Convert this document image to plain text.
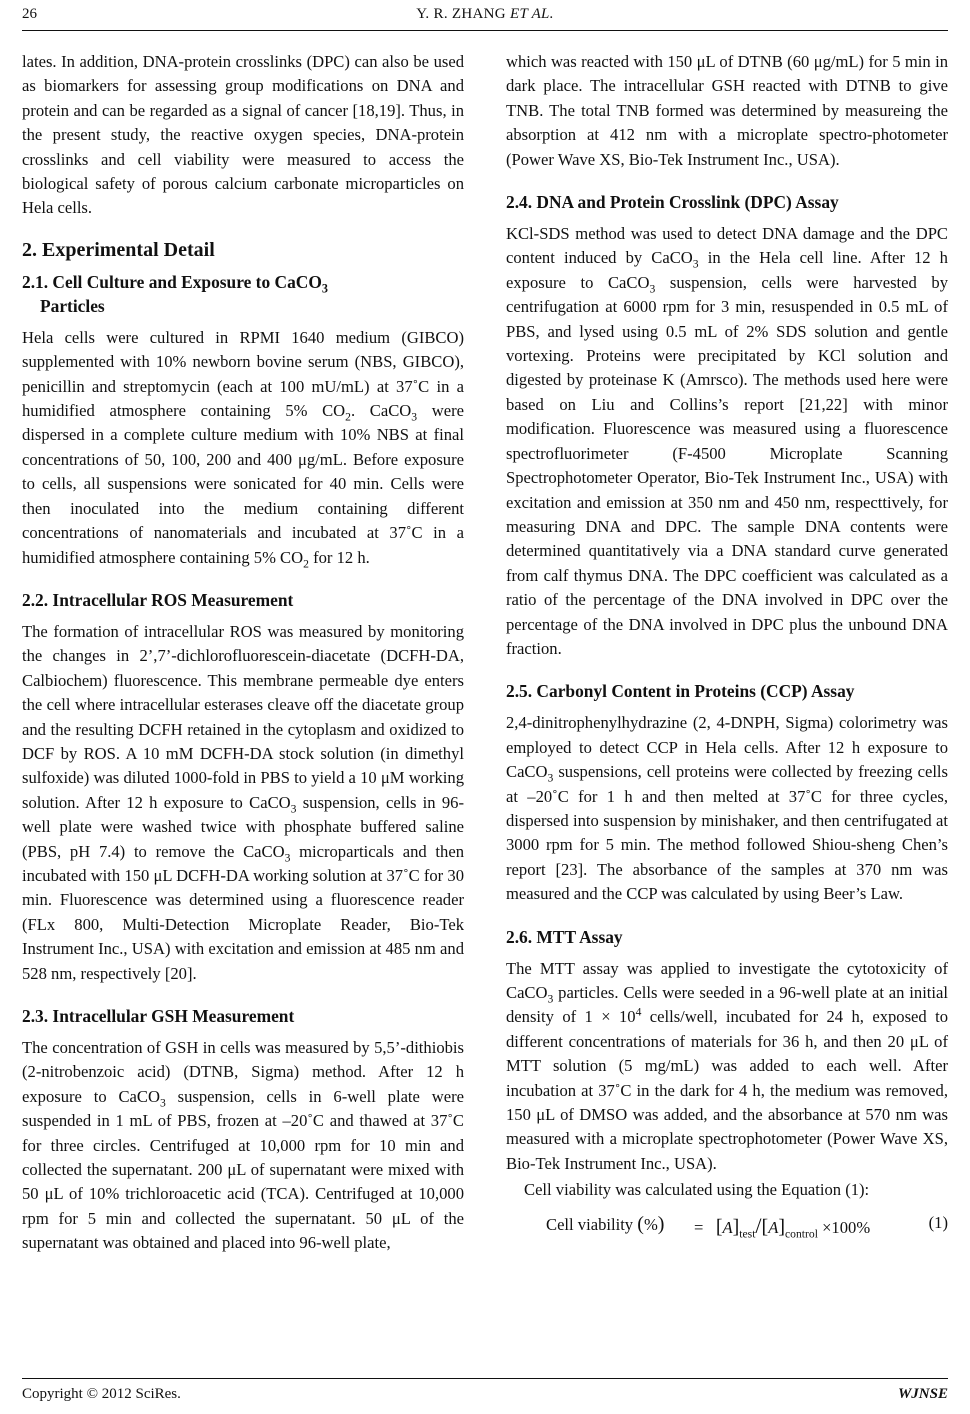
26	Y. R. ZHANG ET AL.

lates. In addition, DNA-protein crosslinks (DPC) can also be used as biomarkers for assessing group modifications on DNA and protein and can be regarded as a signal of cancer [18,19]. Thus, in the present study, the reactive oxygen species, DNA-protein crosslinks and cell viability were measured to access the biological safety of porous calcium carbonate microparticles on Hela cells.

2. Experimental Detail
2.1. Cell Culture and Exposure to CaCO$_3$
Particles

Hela cells were cultured in RPMI 1640 medium (GIBCO) supplemented with 10% newborn bovine serum (NBS, GIBCO), penicillin and streptomycin (each at 100 mU/mL) at 37˚C in a humidified atmosphere containing 5% $CO_2$. CaCO$_3$ were dispersed in a complete culture medium with 10% NBS at final concentrations of 50, 100, 200 and 400 μg/mL. Before exposure to cells, all suspensions were sonicated for 40 min. Cells were then inoculated into the medium containing different concentrations of nanomaterials and incubated at 37˚C in a humidified atmosphere containing 5% $CO_2$ for 12 h.

2.2. Intracellular ROS Measurement

The formation of intracellular ROS was measured by monitoring the changes in 2’,7’-dichlorofluorescein-diacetate (DCFH-DA, Calbiochem) fluorescence. This membrane permeable dye enters the cell where intracellular esterases cleave off the diacetate group and the resulting DCFH retained in the cytoplasm and oxidized to DCF by ROS. A 10 mM DCFH-DA stock solution (in dimethyl sulfoxide) was diluted 1000-fold in PBS to yield a 10 μM working solution. After 12 h exposure to CaCO$_3$ suspension, cells in 96-well plate were washed twice with phosphate buffered saline (PBS, pH 7.4) to remove the CaCO$_3$ microparticals and then incubated with 150 μL DCFH-DA working solution at 37˚C for 30 min. Fluorescence was determined using a fluorescence reader (FLx 800, Multi-Detection Microplate Reader, Bio-Tek Instrument Inc., USA) with excitation and emission at 485 nm and 528 nm, respectively [20].

2.3. Intracellular GSH Measurement

The concentration of GSH in cells was measured by 5,5’-dithiobis (2-nitrobenzoic acid) (DTNB, Sigma) method. After 12 h exposure to CaCO$_3$ suspension, cells in 6-well plate were suspended in 1 mL of PBS, frozen at –20˚C and thawed at 37˚C for three circles. Centrifuged at 10,000 rpm for 10 min and collected the supernatant. 200 μL of supernatant were mixed with 50 μL of 10% trichloroacetic acid (TCA). Centrifuged at 10,000 rpm for 5 min and collected the supernatant. 50 μL of the supernatant was obtained and placed into 96-well plate,

which was reacted with 150 μL of DTNB (60 μg/mL) for 5 min in dark place. The intracellular GSH reacted with DTNB to give TNB. The total TNB formed was determined by measureing the absorption at 412 nm with a microplate spectro-photometer (Power Wave XS, Bio-Tek Instrument Inc., USA).

2.4. DNA and Protein Crosslink (DPC) Assay

KCl-SDS method was used to detect DNA damage and the DPC content induced by CaCO$_3$ in the Hela cell line. After 12 h exposure to CaCO$_3$ suspension, cells were harvested by centrifugation at 6000 rpm for 3 min, resuspended in 0.5 mL of PBS, and lysed using 0.5 mL of 2% SDS solution and gentle vortexing. Proteins were precipitated by KCl solution and digested by proteinase K (Amrsco). The methods used here were based on Liu and Collins’s report [21,22] with minor modification. Fluorescence was measured using a fluorescence spectrofluorimeter (F-4500 Microplate Scanning Spectrophotometer Operator, Bio-Tek Instrument Inc., USA) with excitation and emission at 350 nm and 450 nm, respecttively, for measuring DNA and DPC. The sample DNA contents were determined quantitatively via a DNA standard curve generated from calf thymus DNA. The DPC coefficient was calculated as a ratio of the percentage of the DNA involved in DPC over the percentage of the DNA involved in DPC plus the unbound DNA fraction.

2.5. Carbonyl Content in Proteins (CCP) Assay

2,4-dinitrophenylhydrazine (2, 4-DNPH, Sigma) colorimetry was employed to detect CCP in Hela cells. After 12 h exposure to CaCO$_3$ suspensions, cell proteins were collected by freezing cells at –20˚C for 1 h and then melted at 37˚C for three cycles, dispersed into suspension by minishaker, and then centrifugated at 3000 rpm for 5 min. The method followed Shiou-sheng Chen’s report [23]. The absorbance of the samples at 370 nm was measured and the CCP was calculated by using Beer’s Law.

2.6. MTT Assay

The MTT assay was applied to investigate the cytotoxicity of CaCO$_3$ particles. Cells were seeded in a 96-well plate at an initial density of $1 \times 10^4$ cells/well, incubated for 24 h, exposed to different concentrations of materials for 36 h, and then 20 μL of MTT solution (5 mg/mL) was added to each well. After incubation at 37˚C in the dark for 4 h, the medium was removed, 150 μL of DMSO was added, and the absorbance at 570 nm was measured with a microplate spectrophotometer (Power Wave XS, Bio-Tek Instrument Inc., USA).

Cell viability was calculated using the Equation (1):

Cell viability (%) = $[A]_{test}/[A]_{control} \times 100\%$	(1)
Copyright © 2012 SciRes.	WJNSE
